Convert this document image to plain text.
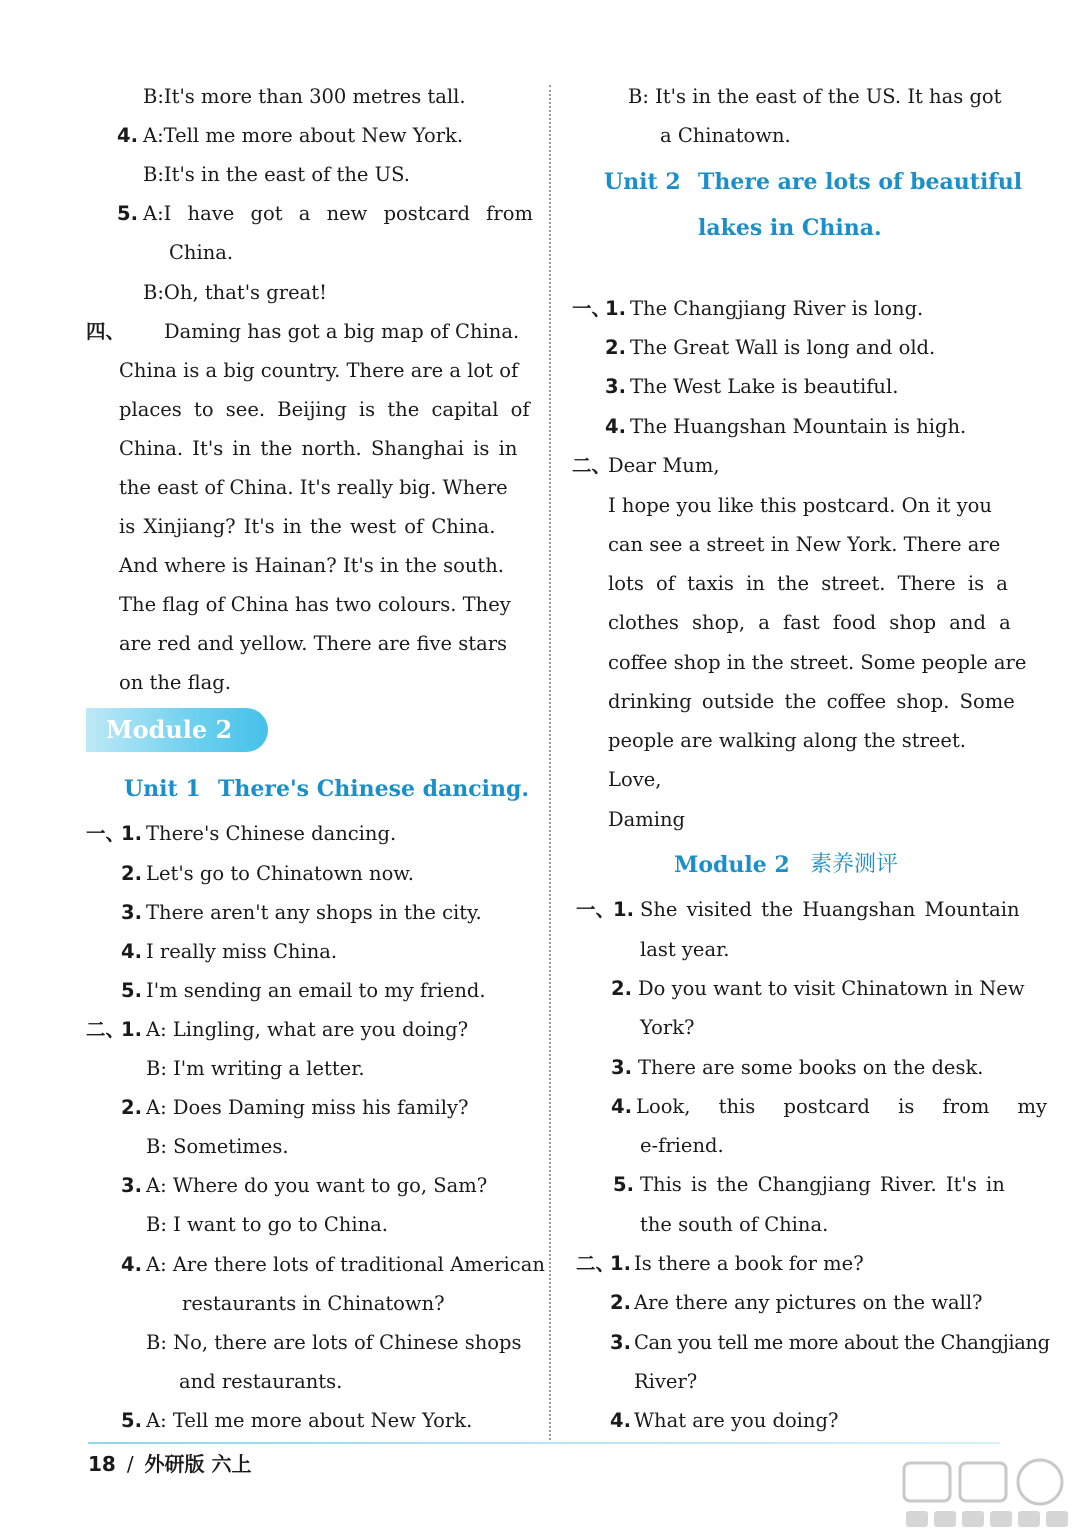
B:It's more than 300 metres tall.
4. A:Tell me more about New York.
B:It's in the east of the US.
5. A:I have got a new postcard from
China.
B:Oh, that's great!
四、 Daming has got a big map of China.
China is a big country. There are a lot of
places to see. Beijing is the capital of
China. It's in the north. Shanghai is in
the east of China. It's really big. Where
is Xinjiang? It's in the west of China.
And where is Hainan? It's in the south.
The flag of China has two colours. They
are red and yellow. There are five stars
on the flag.
Module 2
Unit 1 There's Chinese dancing.
一、
1. There's Chinese dancing.
2. Let's go to Chinatown now.
3. There aren't any shops in the city.
4. I really miss China.
5. I'm sending an email to my friend.
二、
1. A: Lingling, what are you doing?
B: I'm writing a letter.
2. A: Does Daming miss his family?
B: Sometimes.
3. A: Where do you want to go, Sam?
B: I want to go to China.
4. A: Are there lots of traditional American
restaurants in Chinatown?
B: No, there are lots of Chinese shops
and restaurants.
5. A: Tell me more about New York.
B: It's in the east of the US. It has got
a Chinatown.
Unit 2 There are lots of beautiful
lakes in China.
一、
1. The Changjiang River is long.
2. The Great Wall is long and old.
3. The West Lake is beautiful.
4. The Huangshan Mountain is high.
二、
Dear Mum,
I hope you like this postcard. On it you
can see a street in New York. There are
lots of taxis in the street. There is a
clothes shop, a fast food shop and a
coffee shop in the street. Some people are
drinking outside the coffee shop. Some
people are walking along the street.
Love,
Daming
Module 2 素养测评
一、
1. She visited the Huangshan Mountain
last year.
2. Do you want to visit Chinatown in New
York?
3. There are some books on the desk.
4. Look, this postcard is from my
e-friend.
5. This is the Changjiang River. It's in
the south of China.
二、
1. Is there a book for me?
2. Are there any pictures on the wall?
3. Can you tell me more about the Changjiang
River?
4. What are you doing?
18 / 外研版 六上
